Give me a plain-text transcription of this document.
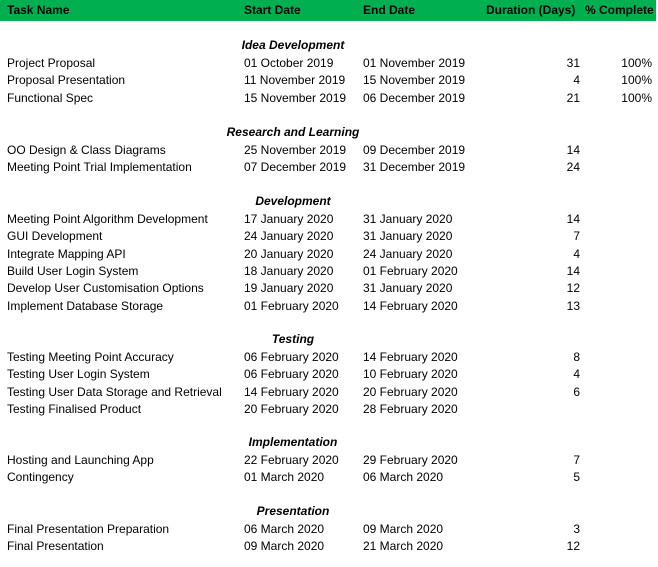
Task Name	Start Date	End Date	Duration (Days) % Complete
Idea Development
Project Proposal	01 October 2019 01 November 2019	31	100%
Proposal Presentation	11 November 2019 15 November 2019	4	100%
Functional Spec	15 November 2019 06 December 2019	21	100%
Research and Learning
OO Design & Class Diagrams	25 November 2019 09 December 2019	14
Meeting Point Trial Implementation	07 December 2019 31 December 2019	24
Development
Meeting Point Algorithm Development	17 January 2020 31 January 2020	14
GUI Development	24 January 2020 31 January 2020	7
Integrate Mapping API	20 January 2020 24 January 2020	4
Build User Login System	18 January 2020 01 February 2020	14
Develop User Customisation Options	19 January 2020 31 January 2020	12
Implement Database Storage	01 February 2020 14 February 2020	13
Testing
Testing Meeting Point Accuracy	06 February 2020 14 February 2020	8
Testing User Login System	06 February 2020 10 February 2020	4
Testing User Data Storage and Retrieval 14 February 2020 20 February 2020	6
Testing Finalised Product	20 February 2020 28 February 2020
Implementation
Hosting and Launching App	22 February 2020 29 February 2020	7
Contingency	01 March 2020	06 March 2020	5
Presentation
Final Presentation Preparation	06 March 2020	09 March 2020	3
Final Presentation	09 March 2020	21 March 2020	12
